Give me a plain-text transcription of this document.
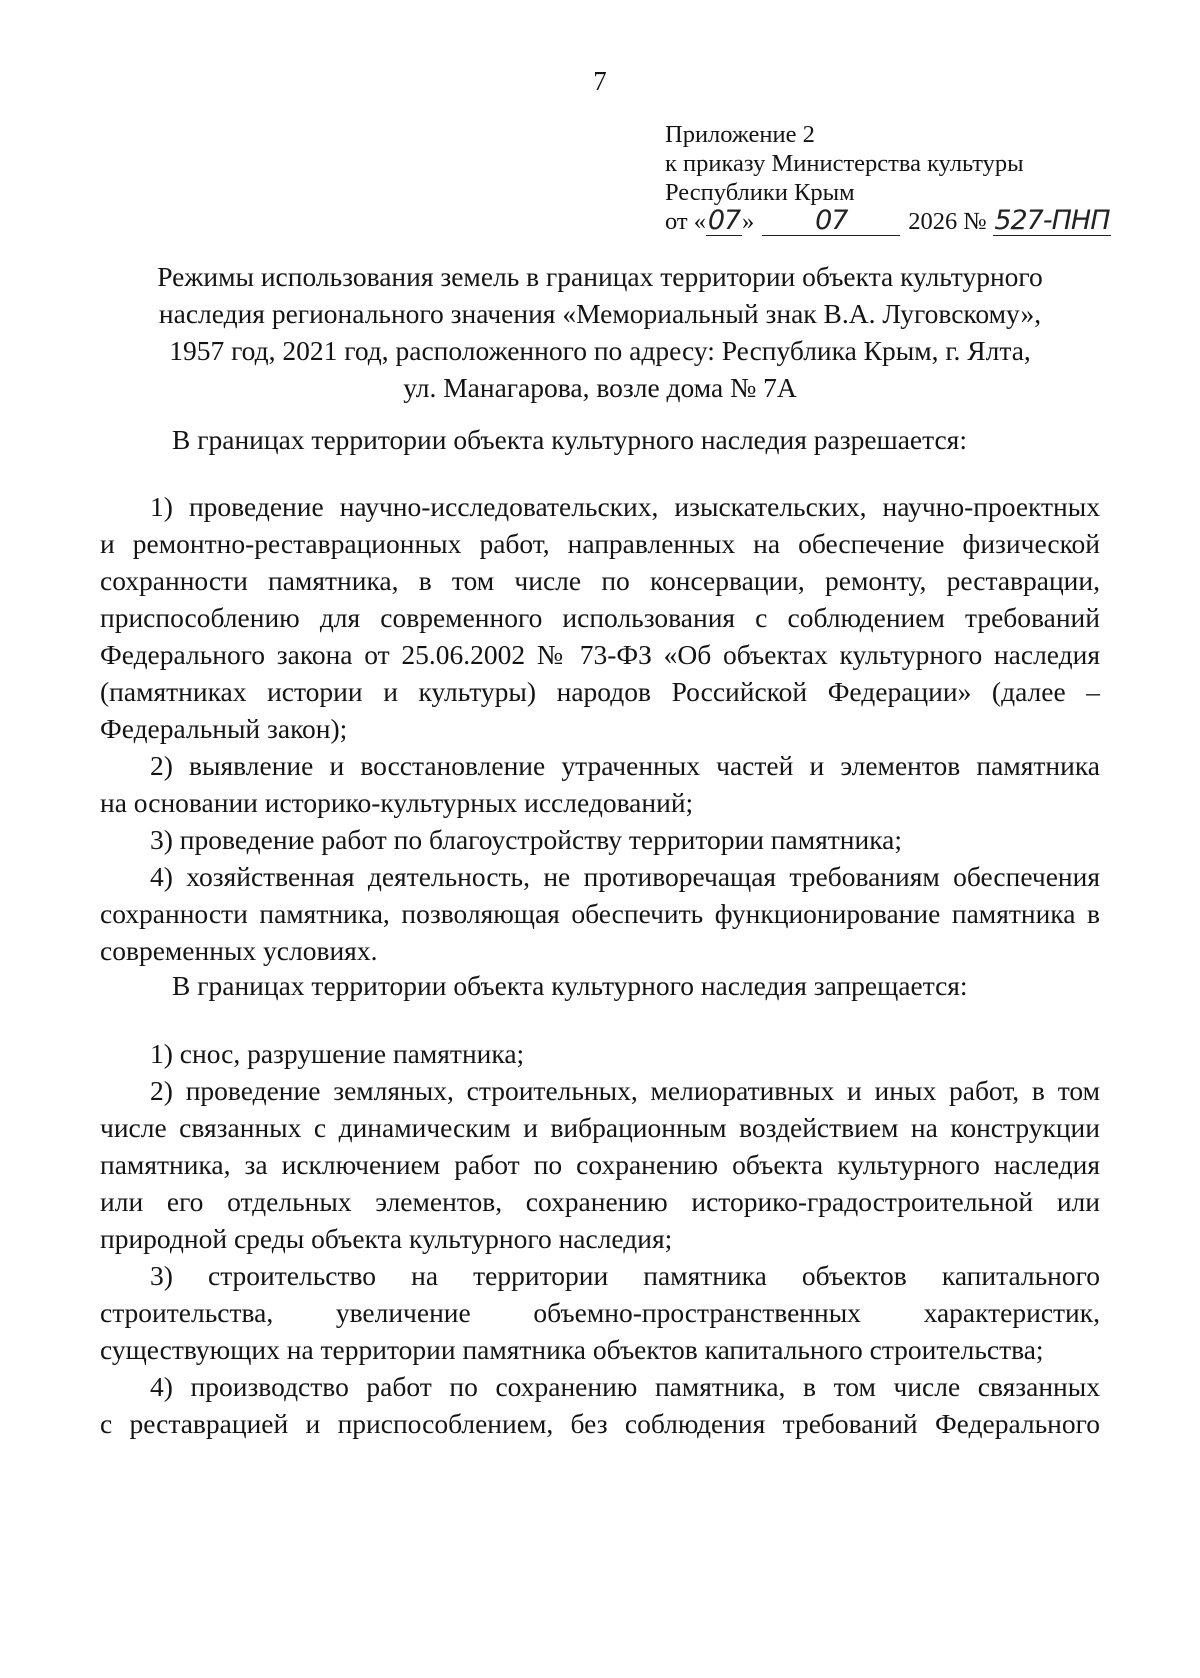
7
Приложение 2
к приказу Министерства культуры
Республики Крым
от «07» 07 2026 № 527-ПНП
Режимы использования земель в границах территории объекта культурного
наследия регионального значения «Мемориальный знак В.А. Луговскому»,
1957 год, 2021 год, расположенного по адресу: Республика Крым, г. Ялта,
ул. Манагарова, возле дома № 7А
В границах территории объекта культурного наследия разрешается:
1) проведение научно-исследовательских, изыскательских, научно-проектных
и ремонтно-реставрационных работ, направленных на обеспечение физической
сохранности памятника, в том числе по консервации, ремонту, реставрации,
приспособлению для современного использования с соблюдением требований
Федерального закона от 25.06.2002 № 73-ФЗ «Об объектах культурного наследия
(памятниках истории и культуры) народов Российской Федерации» (далее –
Федеральный закон);
2) выявление и восстановление утраченных частей и элементов памятника
на основании историко-культурных исследований;
3) проведение работ по благоустройству территории памятника;
4) хозяйственная деятельность, не противоречащая требованиям обеспечения
сохранности памятника, позволяющая обеспечить функционирование памятника в
современных условиях.
В границах территории объекта культурного наследия запрещается:
1) снос, разрушение памятника;
2) проведение земляных, строительных, мелиоративных и иных работ, в том
числе связанных с динамическим и вибрационным воздействием на конструкции
памятника, за исключением работ по сохранению объекта культурного наследия
или его отдельных элементов, сохранению историко-градостроительной или
природной среды объекта культурного наследия;
3) строительство на территории памятника объектов капитального
строительства, увеличение объемно-пространственных характеристик,
существующих на территории памятника объектов капитального строительства;
4) производство работ по сохранению памятника, в том числе связанных
с реставрацией и приспособлением, без соблюдения требований Федерального
